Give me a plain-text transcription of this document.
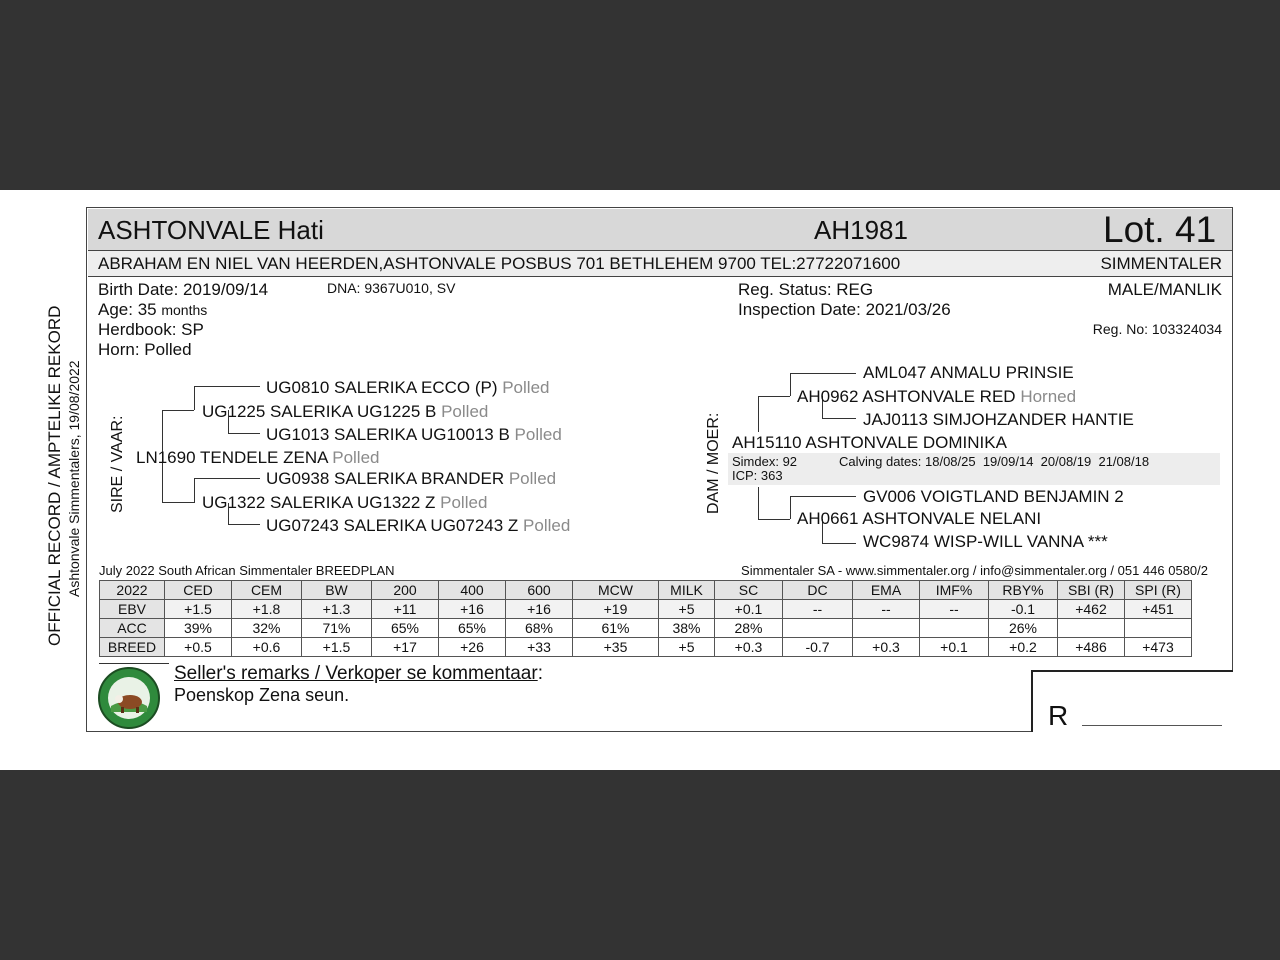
ASHTONVALE Hati	AH1981	Lot. 41
ABRAHAM EN NIEL VAN HEERDEN,ASHTONVALE POSBUS 701 BETHLEHEM 9700 TEL:27722071600	SIMMENTALER
OFFICIAL RECORD / AMPTELIKE REKORD Ashtonvale Simmentalers, 19/08/2022
Birth Date: 2019/09/14	DNA: 9367U010, SV
Age: 35 months
Herdbook: SP
Horn: Polled
Reg. Status: REG
Inspection Date: 2021/03/26
MALE/MANLIK
Reg. No: 103324034
SIRE / VAAR:
UG0810 SALERIKA ECCO (P) Polled
UG1225 SALERIKA UG1225 B Polled
UG1013 SALERIKA UG10013 B Polled
LN1690 TENDELE ZENA Polled
UG0938 SALERIKA BRANDER Polled
UG1322 SALERIKA UG1322 Z Polled
UG07243 SALERIKA UG07243 Z Polled
DAM / MOER:
AML047 ANMALU PRINSIE
AH0962 ASHTONVALE RED Horned
JAJ0113 SIMJOHZANDER HANTIE
AH15110 ASHTONVALE DOMINIKA
Simdex: 92	Calving dates: 18/08/25  19/09/14  20/08/19  21/08/18
ICP: 363
GV006 VOIGTLAND BENJAMIN 2
AH0661 ASHTONVALE NELANI
WC9874 WISP-WILL VANNA ***
July 2022 South African Simmentaler BREEDPLAN	Simmentaler SA - www.simmentaler.org / info@simmentaler.org / 051 446 0580/2
2022	CED	CEM	BW	200	400	600	MCW	MILK	SC	DC	EMA	IMF%	RBY%	SBI (R)	SPI (R)
EBV	+1.5	+1.8	+1.3	+11	+16	+16	+19	+5	+0.1	--	--	--	-0.1	+462	+451
ACC	39%	32%	71%	65%	65%	68%	61%	38%	28%				26%		
BREED	+0.5	+0.6	+1.5	+17	+26	+33	+35	+5	+0.3	-0.7	+0.3	+0.1	+0.2	+486	+473
Seller's remarks / Verkoper se kommentaar:
Poenskop Zena seun.
R
